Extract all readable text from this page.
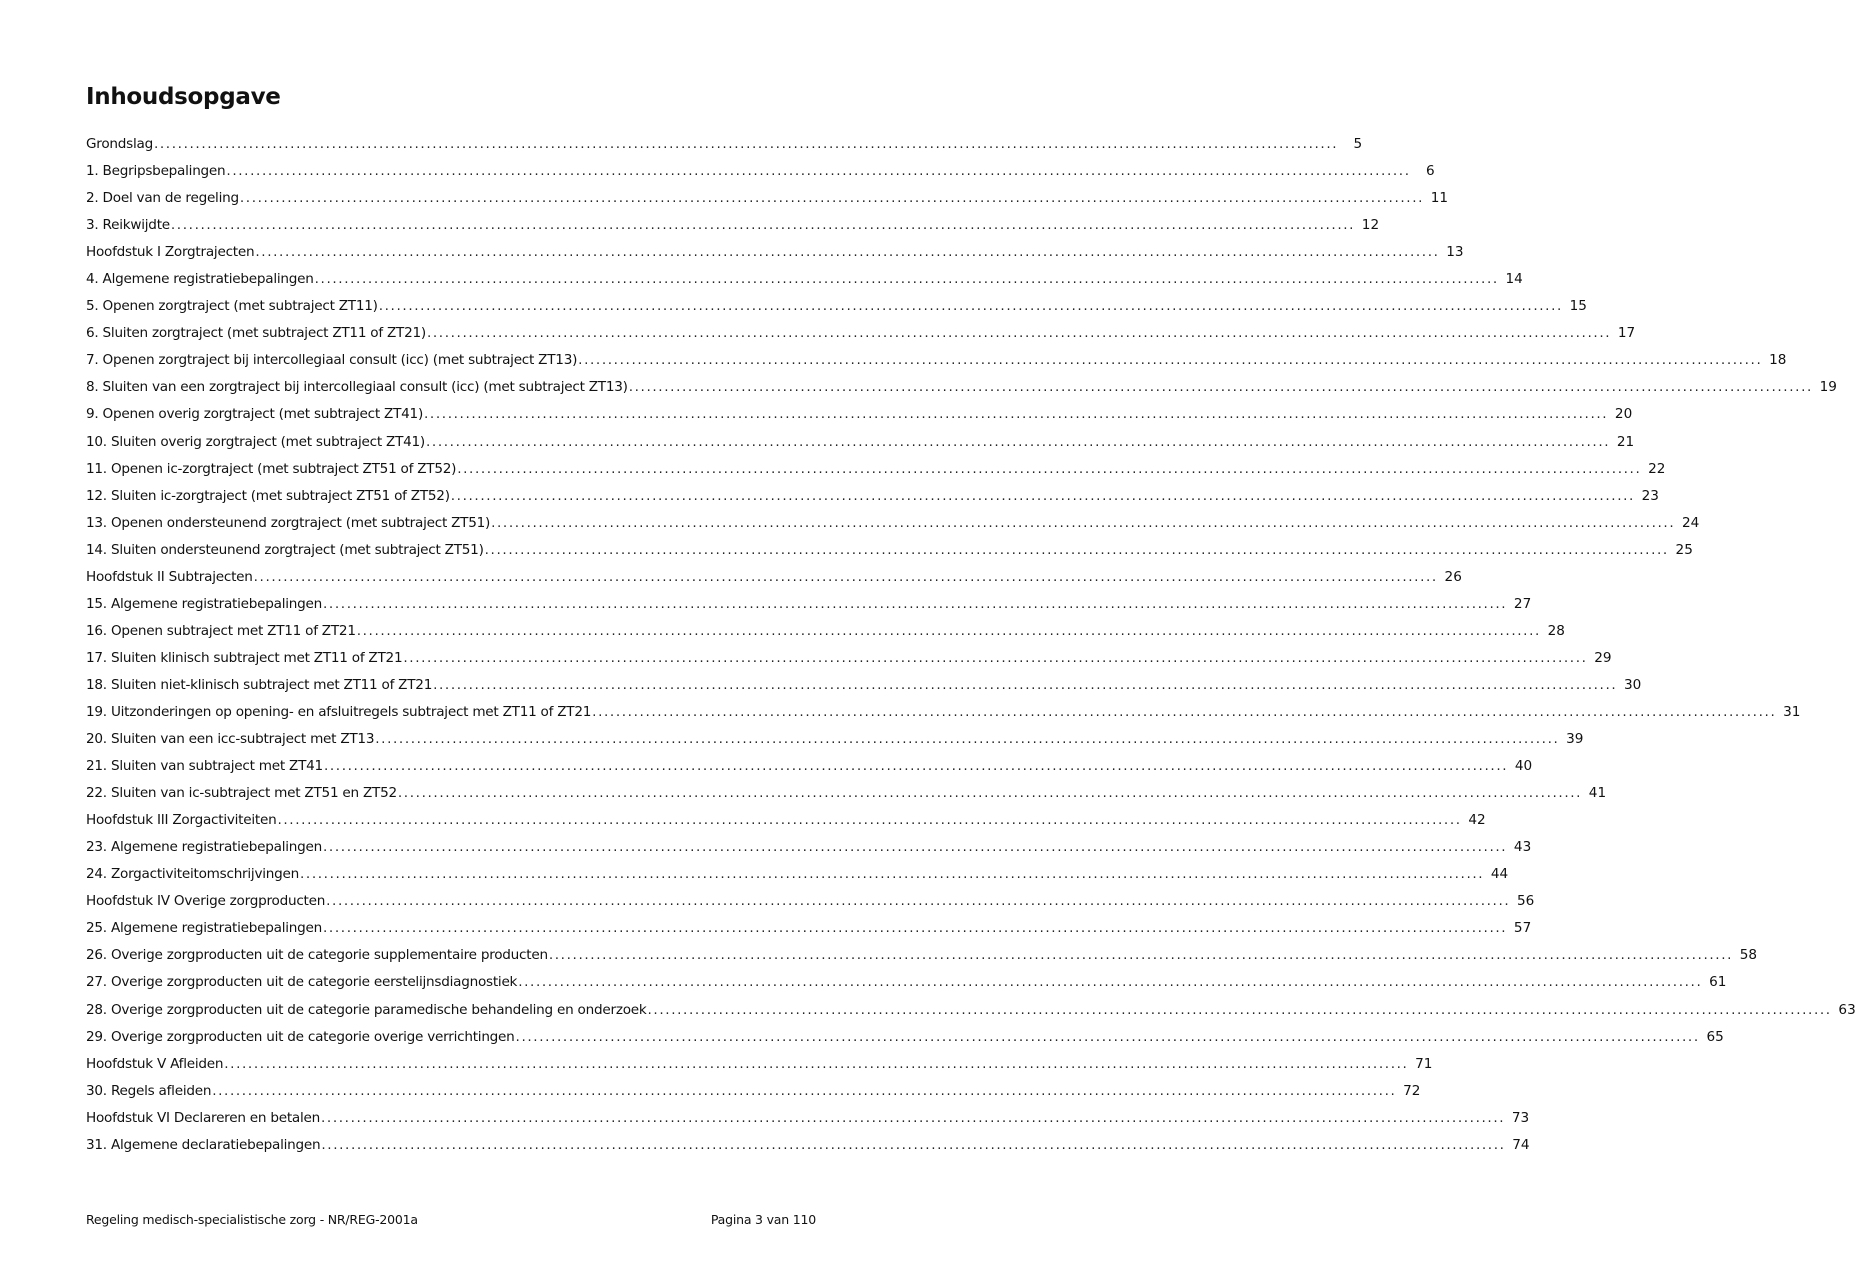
Inhoudsopgave
Grondslag ........................................................................................................................................................................................................	5
1. Begripsbepalingen ........................................................................................................................................................................................................	6
2. Doel van de regeling ........................................................................................................................................................................................................ 11
3. Reikwijdte ........................................................................................................................................................................................................ 12
Hoofdstuk I Zorgtrajecten ........................................................................................................................................................................................................ 13
4. Algemene registratiebepalingen ........................................................................................................................................................................................................ 14
5. Openen zorgtraject (met subtraject ZT11) ........................................................................................................................................................................................................ 15
6. Sluiten zorgtraject (met subtraject ZT11 of ZT21) ........................................................................................................................................................................................................ 17
7. Openen zorgtraject bij intercollegiaal consult (icc) (met subtraject ZT13) ........................................................................................................................................................................................................ 18
8. Sluiten van een zorgtraject bij intercollegiaal consult (icc) (met subtraject ZT13) ........................................................................................................................................................................................................ 19
9. Openen overig zorgtraject (met subtraject ZT41) ........................................................................................................................................................................................................ 20
10. Sluiten overig zorgtraject (met subtraject ZT41) ........................................................................................................................................................................................................ 21
11. Openen ic-zorgtraject (met subtraject ZT51 of ZT52) ........................................................................................................................................................................................................ 22
12. Sluiten ic-zorgtraject (met subtraject ZT51 of ZT52) ........................................................................................................................................................................................................ 23
13. Openen ondersteunend zorgtraject (met subtraject ZT51) ........................................................................................................................................................................................................ 24
14. Sluiten ondersteunend zorgtraject (met subtraject ZT51) ........................................................................................................................................................................................................ 25
Hoofdstuk II Subtrajecten ........................................................................................................................................................................................................ 26
15. Algemene registratiebepalingen ........................................................................................................................................................................................................ 27
16. Openen subtraject met ZT11 of ZT21 ........................................................................................................................................................................................................ 28
17. Sluiten klinisch subtraject met ZT11 of ZT21 ........................................................................................................................................................................................................ 29
18. Sluiten niet-klinisch subtraject met ZT11 of ZT21 ........................................................................................................................................................................................................ 30
19. Uitzonderingen op opening- en afsluitregels subtraject met ZT11 of ZT21 ........................................................................................................................................................................................................ 31
20. Sluiten van een icc-subtraject met ZT13 ........................................................................................................................................................................................................ 39
21. Sluiten van subtraject met ZT41 ........................................................................................................................................................................................................ 40
22. Sluiten van ic-subtraject met ZT51 en ZT52 ........................................................................................................................................................................................................ 41
Hoofdstuk III Zorgactiviteiten ........................................................................................................................................................................................................ 42
23. Algemene registratiebepalingen ........................................................................................................................................................................................................ 43
24. Zorgactiviteitomschrijvingen ........................................................................................................................................................................................................ 44
Hoofdstuk IV Overige zorgproducten ........................................................................................................................................................................................................ 56
25. Algemene registratiebepalingen ........................................................................................................................................................................................................ 57
26. Overige zorgproducten uit de categorie supplementaire producten ........................................................................................................................................................................................................ 58
27. Overige zorgproducten uit de categorie eerstelijnsdiagnostiek ........................................................................................................................................................................................................ 61
28. Overige zorgproducten uit de categorie paramedische behandeling en onderzoek ........................................................................................................................................................................................................ 63
29. Overige zorgproducten uit de categorie overige verrichtingen ........................................................................................................................................................................................................ 65
Hoofdstuk V Afleiden ........................................................................................................................................................................................................ 71
30. Regels afleiden ........................................................................................................................................................................................................ 72
Hoofdstuk VI Declareren en betalen ........................................................................................................................................................................................................ 73
31. Algemene declaratiebepalingen ........................................................................................................................................................................................................ 74
Regeling medisch-specialistische zorg - NR/REG-2001a	Pagina 3 van 110
